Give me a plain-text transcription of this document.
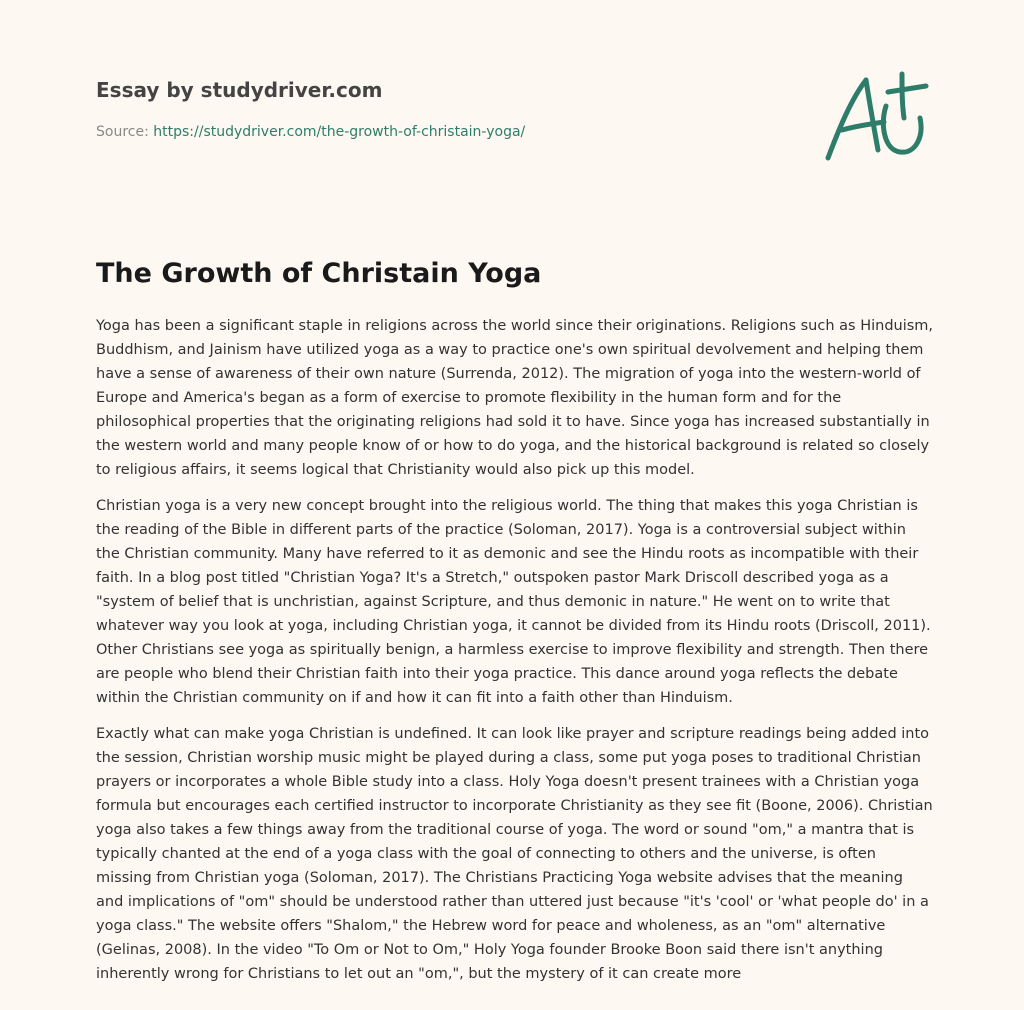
Essay by studydriver.com
Source: https://studydriver.com/the-growth-of-christain-yoga/
The Growth of Christain Yoga

Yoga has been a significant staple in religions across the world since their originations. Religions such as Hinduism, Buddhism, and Jainism have utilized yoga as a way to practice one's own spiritual devolvement and helping them have a sense of awareness of their own nature (Surrenda, 2012). The migration of yoga into the western-world of Europe and America's began as a form of exercise to promote flexibility in the human form and for the philosophical properties that the originating religions had sold it to have. Since yoga has increased substantially in the western world and many people know of or how to do yoga, and the historical background is related so closely to religious affairs, it seems logical that Christianity would also pick up this model.

Christian yoga is a very new concept brought into the religious world. The thing that makes this yoga Christian is the reading of the Bible in different parts of the practice (Soloman, 2017). Yoga is a controversial subject within the Christian community. Many have referred to it as demonic and see the Hindu roots as incompatible with their faith. In a blog post titled "Christian Yoga? It's a Stretch," outspoken pastor Mark Driscoll described yoga as a "system of belief that is unchristian, against Scripture, and thus demonic in nature." He went on to write that whatever way you look at yoga, including Christian yoga, it cannot be divided from its Hindu roots (Driscoll, 2011). Other Christians see yoga as spiritually benign, a harmless exercise to improve flexibility and strength. Then there are people who blend their Christian faith into their yoga practice. This dance around yoga reflects the debate within the Christian community on if and how it can fit into a faith other than Hinduism.

Exactly what can make yoga Christian is undefined. It can look like prayer and scripture readings being added into the session, Christian worship music might be played during a class, some put yoga poses to traditional Christian prayers or incorporates a whole Bible study into a class. Holy Yoga doesn't present trainees with a Christian yoga formula but encourages each certified instructor to incorporate Christianity as they see fit (Boone, 2006). Christian yoga also takes a few things away from the traditional course of yoga. The word or sound "om," a mantra that is typically chanted at the end of a yoga class with the goal of connecting to others and the universe, is often missing from Christian yoga (Soloman, 2017). The Christians Practicing Yoga website advises that the meaning and implications of "om" should be understood rather than uttered just because "it's 'cool' or 'what people do' in a yoga class." The website offers "Shalom," the Hebrew word for peace and wholeness, as an "om" alternative (Gelinas, 2008). In the video "To Om or Not to Om," Holy Yoga founder Brooke Boon said there isn't anything inherently wrong for Christians to let out an "om,", but the mystery of it can create more
